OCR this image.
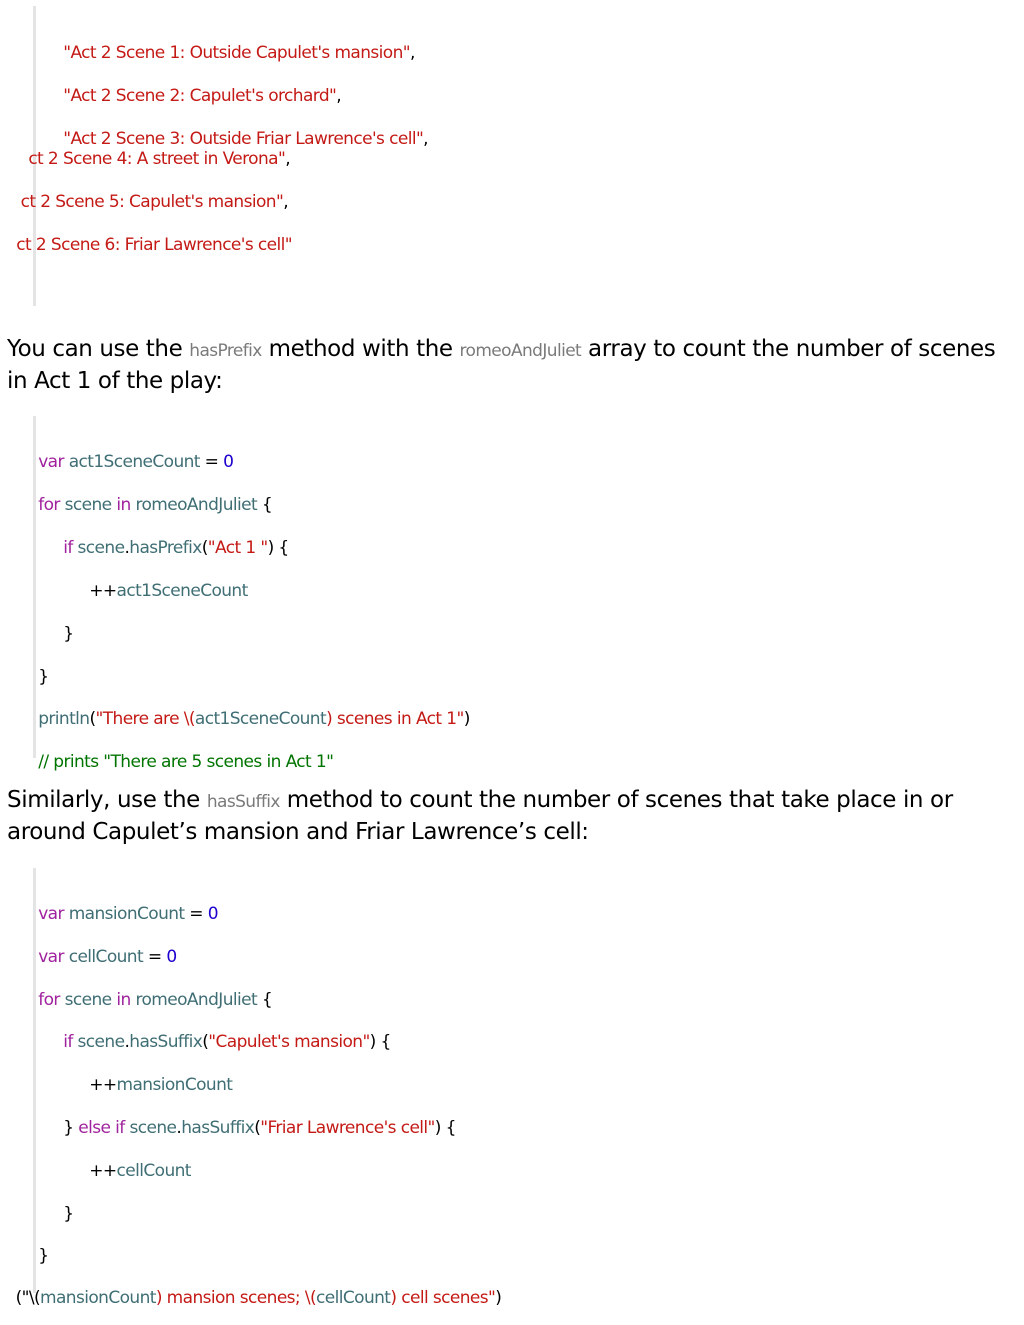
"Act 2 Scene 1: Outside Capulet's mansion",

"Act 2 Scene 2: Capulet's orchard",

"Act 2 Scene 3: Outside Friar Lawrence's cell",

ct 2 Scene 4: A street in Verona",

ct 2 Scene 5: Capulet's mansion",

ct 2 Scene 6: Friar Lawrence's cell"

You can use the hasPrefix method with the romeoAndJuliet array to count the number of scenes in Act 1 of the play:

var act1SceneCount = 0

for scene in romeoAndJuliet {

if scene.hasPrefix("Act 1 ") {

++act1SceneCount

}

}

println("There are \(act1SceneCount) scenes in Act 1")

// prints "There are 5 scenes in Act 1"

Similarly, use the hasSuffix method to count the number of scenes that take place in or around Capulet’s mansion and Friar Lawrence’s cell:

var mansionCount = 0

var cellCount = 0

for scene in romeoAndJuliet {

if scene.hasSuffix("Capulet's mansion") {

++mansionCount

} else if scene.hasSuffix("Friar Lawrence's cell") {

++cellCount

}

}

("\(mansionCount) mansion scenes; \(cellCount) cell scenes")
